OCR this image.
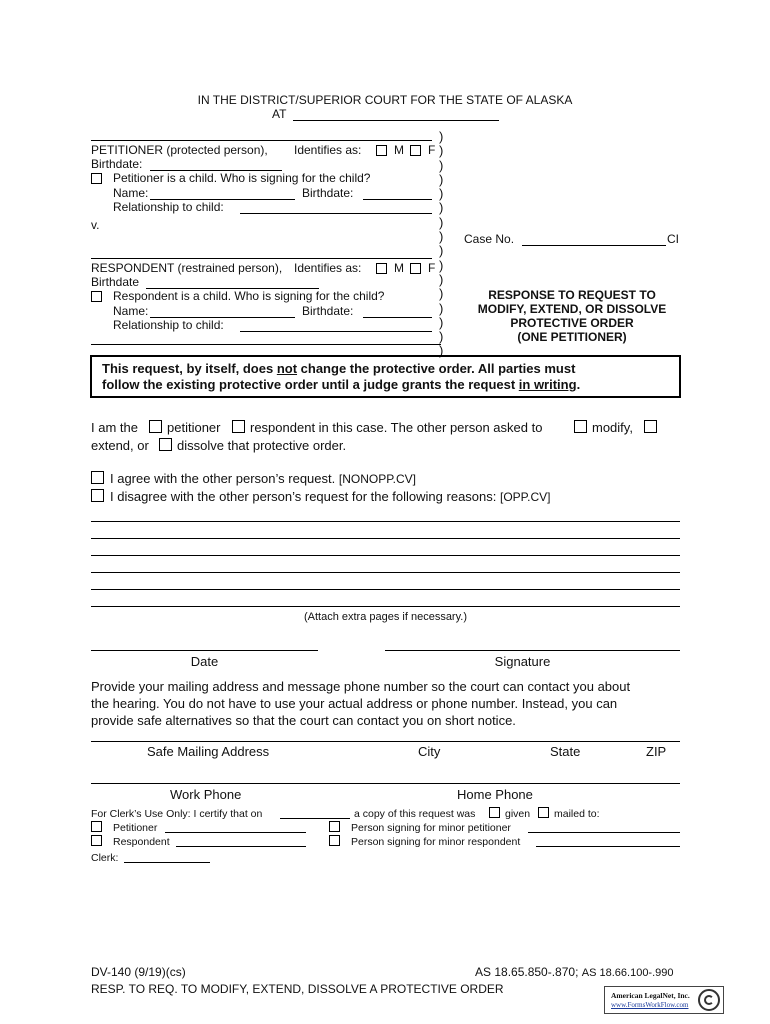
IN THE DISTRICT/SUPERIOR COURT FOR THE STATE OF ALASKA
AT
PETITIONER (protected person), Identifies as:	M F
Birthdate:
Petitioner is a child. Who is signing for the child?
Name:	Birthdate:
Relationship to child:
v.
RESPONDENT (restrained person), Identifies as:	M F
Birthdate
Respondent is a child. Who is signing for the child?
Name:	Birthdate:
Relationship to child:
)
)
)
)
)
)
)
)
)
)
)
)
)
)
)
)
Case No.	CI
RESPONSE TO REQUEST TO
MODIFY, EXTEND, OR DISSOLVE
PROTECTIVE ORDER
(ONE PETITIONER)
This request, by itself, does not change the protective order. All parties must
follow the existing protective order until a judge grants the request in writing.
I am the petitioner respondent in this case. The other person asked to	modify,
extend, or dissolve that protective order.
I agree with the other person’s request. [NONOPP.CV]
I disagree with the other person’s request for the following reasons: [OPP.CV]
(Attach extra pages if necessary.)
Date	Signature
Provide your mailing address and message phone number so the court can contact you about
the hearing. You do not have to use your actual address or phone number. Instead, you can
provide safe alternatives so that the court can contact you on short notice.
Safe Mailing Address	City	State	ZIP
Work Phone	Home Phone
For Clerk’s Use Only: I certify that on	a copy of this request was	given mailed to:
Petitioner	Person signing for minor petitioner
Respondent	Person signing for minor respondent
Clerk:
DV-140 (9/19)(cs)
RESP. TO REQ. TO MODIFY, EXTEND, DISSOLVE A PROTECTIVE ORDER
AS 18.65.850-.870; AS 18.66.100-.990
American LegalNet, Inc.
www.FormsWorkFlow.com
